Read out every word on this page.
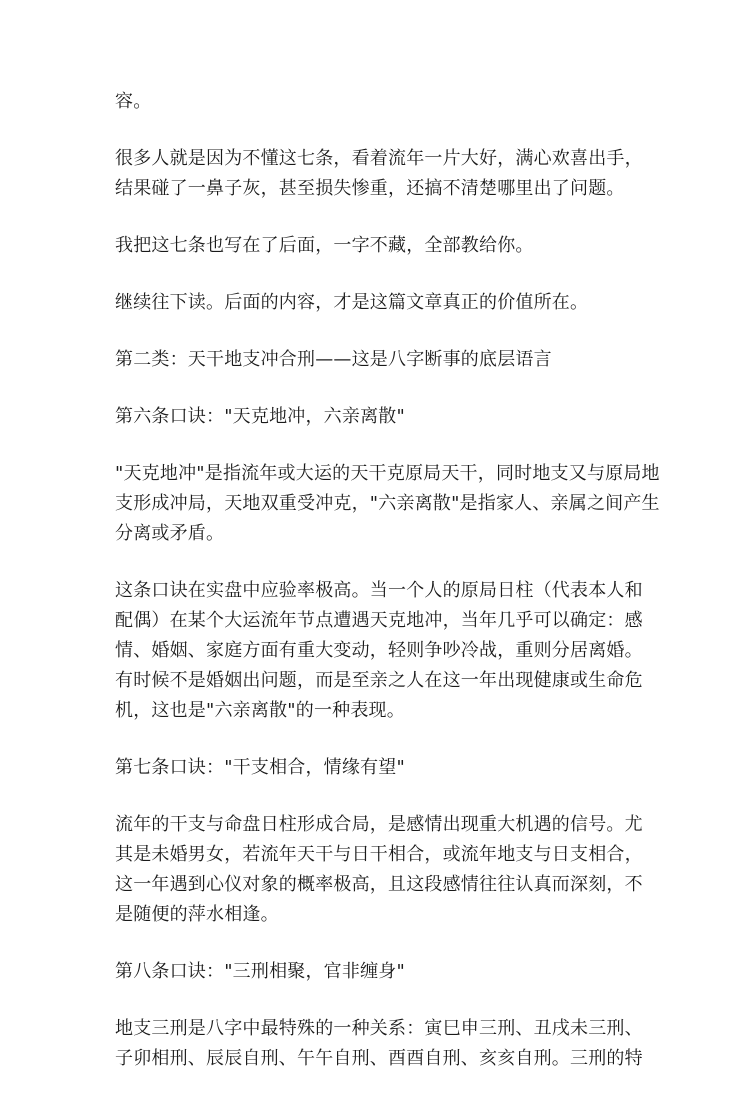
容。

很多人就是因为不懂这七条，看着流年一片大好，满心欢喜出手，
结果碰了一鼻子灰，甚至损失惨重，还搞不清楚哪里出了问题。

我把这七条也写在了后面，一字不藏，全部教给你。

继续往下读。后面的内容，才是这篇文章真正的价值所在。

第二类：天干地支冲合刑——这是八字断事的底层语言

第六条口诀："天克地冲，六亲离散"

"天克地冲"是指流年或大运的天干克原局天干，同时地支又与原局地
支形成冲局，天地双重受冲克，"六亲离散"是指家人、亲属之间产生
分离或矛盾。

这条口诀在实盘中应验率极高。当一个人的原局日柱（代表本人和
配偶）在某个大运流年节点遭遇天克地冲，当年几乎可以确定：感
情、婚姻、家庭方面有重大变动，轻则争吵冷战，重则分居离婚。
有时候不是婚姻出问题，而是至亲之人在这一年出现健康或生命危
机，这也是"六亲离散"的一种表现。

第七条口诀："干支相合，情缘有望"

流年的干支与命盘日柱形成合局，是感情出现重大机遇的信号。尤
其是未婚男女，若流年天干与日干相合，或流年地支与日支相合，
这一年遇到心仪对象的概率极高，且这段感情往往认真而深刻，不
是随便的萍水相逢。

第八条口诀："三刑相聚，官非缠身"

地支三刑是八字中最特殊的一种关系：寅巳申三刑、丑戌未三刑、
子卯相刑、辰辰自刑、午午自刑、酉酉自刑、亥亥自刑。三刑的特
